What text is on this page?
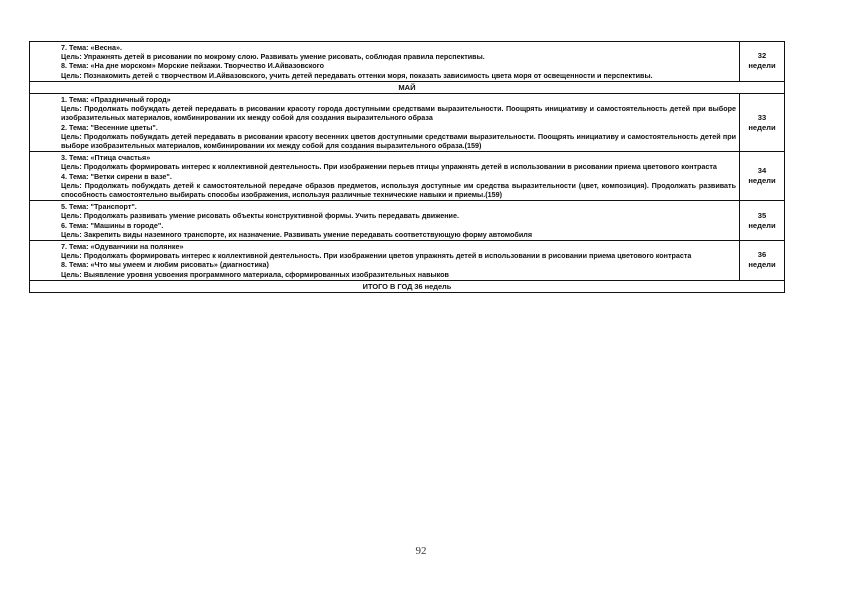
7. Тема: «Весна».
Цель: Упражнять детей в рисовании по мокрому слою. Развивать умение рисовать, соблюдая правила перспективы.
8. Тема: «На дне морском» Морские пейзажи. Творчество И.Айвазовского
Цель: Познакомить детей с творчеством И.Айвазовского, учить детей передавать оттенки моря, показать зависимость цвета моря от освещенности и перспективы.	32
недели

МАЙ	

1. Тема: «Праздничный город»
Цель: Продолжать побуждать детей передавать в рисовании красоту города доступными средствами выразительности. Поощрять инициативу и самостоятельность детей при выборе изобразительных материалов, комбинировании их между собой для создания выразительного образа
2. Тема: "Весенние цветы".
Цель: Продолжать побуждать детей передавать в рисовании красоту весенних цветов доступными средствами выразительности. Поощрять инициативу и самостоятельность детей при выборе изобразительных материалов, комбинировании их между собой для создания выразительного образа.(159)	33
недели

3. Тема: «Птица счастья»
Цель: Продолжать формировать интерес к коллективной деятельность. При изображении перьев птицы упражнять детей в использовании в рисовании приема цветового контраста
4. Тема: "Ветки сирени в вазе".
Цель: Продолжать побуждать детей к самостоятельной передаче образов предметов, используя доступные им средства выразительности (цвет, композиция). Продолжать развивать способность самостоятельно выбирать способы изображения, используя различные технические навыки и приемы.(159)	34
недели

5. Тема: "Транспорт".
Цель: Продолжать развивать умение рисовать объекты конструктивной формы. Учить передавать движение.
6. Тема: "Машины в городе".
Цель: Закрепить виды наземного транспорте, их назначение. Развивать умение передавать соответствующую форму автомобиля	35
недели

7. Тема: «Одуванчики на полянке»
Цель: Продолжать формировать интерес к коллективной деятельность. При изображении цветов упражнять детей в использовании в рисовании приема цветового контраста
8. Тема: «Что мы умеем и любим рисовать» (диагностика)
Цель: Выявление уровня усвоения программного материала, сформированных изобразительных навыков	36
недели

ИТОГО В ГОД 36 недель	
92
